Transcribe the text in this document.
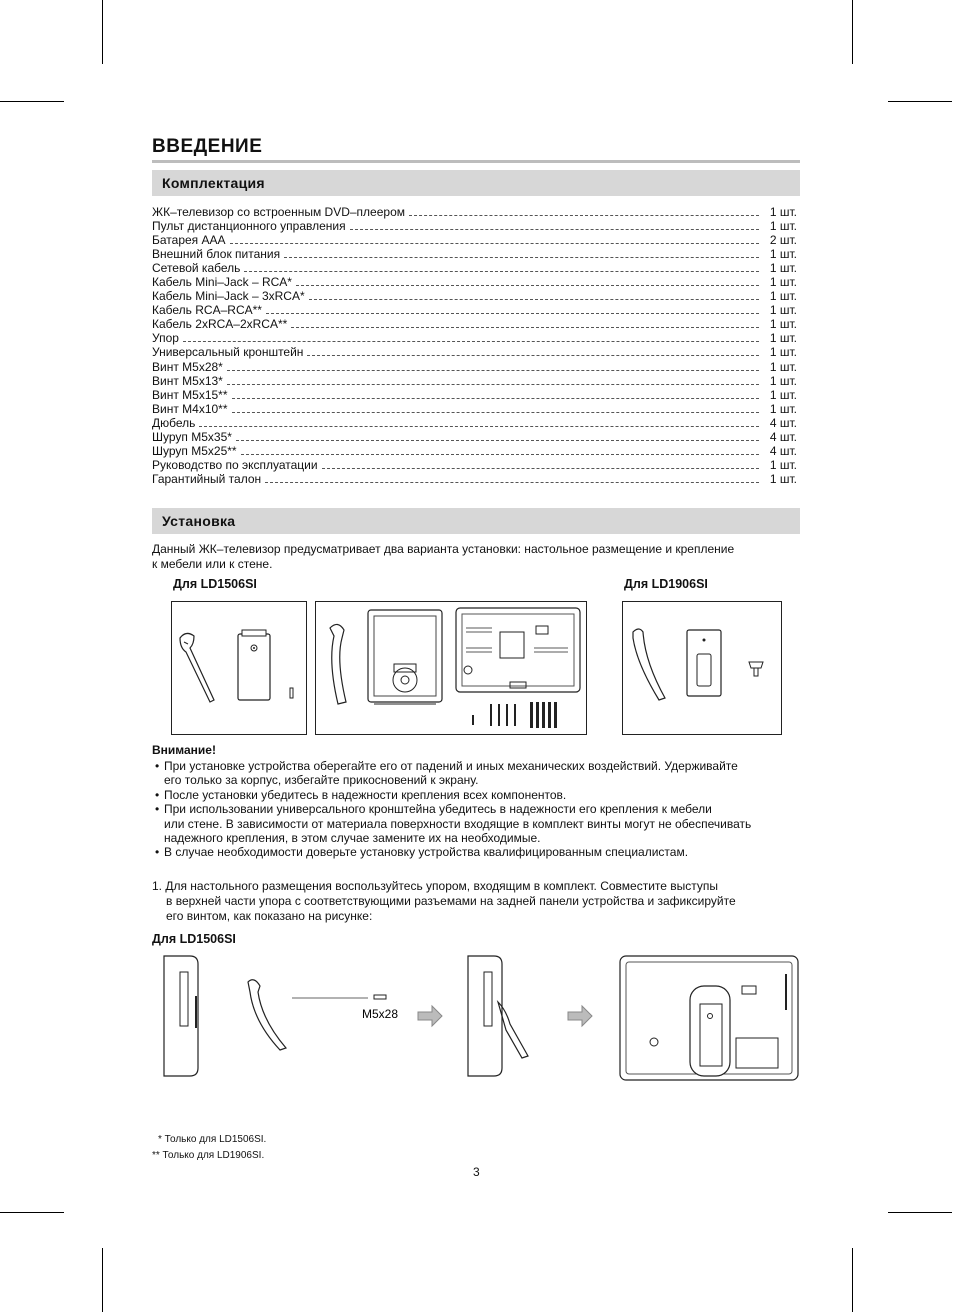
ВВЕДЕНИЕ
Комплектация
ЖК–телевизор со встроенным DVD–плеером	1 шт.
Пульт дистанционного управления	1 шт.
Батарея ААА	2 шт.
Внешний блок питания	1 шт.
Сетевой кабель	1 шт.
Кабель Mini–Jack – RCA*	1 шт.
Кабель Mini–Jack – 3xRCA*	1 шт.
Кабель RCA–RCA**	1 шт.
Кабель 2xRCA–2xRCA**	1 шт.
Упор	1 шт.
Универсальный кронштейн	1 шт.
Винт M5x28*	1 шт.
Винт M5x13*	1 шт.
Винт M5x15**	1 шт.
Винт M4x10**	1 шт.
Дюбель	4 шт.
Шуруп M5x35*	4 шт.
Шуруп M5x25**	4 шт.
Руководство по эксплуатации	1 шт.
Гарантийный талон	1 шт.
Установка
Данный ЖК–телевизор предусматривает два варианта установки: настольное размещение и крепление
к мебели или к стене.
Для LD1506SI	Для LD1906SI
Внимание!
• При установке устройства оберегайте его от падений и иных механических воздействий. Удерживайте
его только за корпус, избегайте прикосновений к экрану.
• После установки убедитесь в надежности крепления всех компонентов.
• При использовании универсального кронштейна убедитесь в надежности его крепления к мебели
или стене. В зависимости от материала поверхности входящие в комплект винты могут не обеспечивать
надежного крепления, в этом случае замените их на необходимые.
• В случае необходимости доверьте установку устройства квалифицированным специалистам.
1. Для настольного размещения воспользуйтесь упором, входящим в комплект. Совместите выступы
в верхней части упора с соответствующими разъемами на задней панели устройства и зафиксируйте
его винтом, как показано на рисунке:
Для LD1506SI
M5x28
* Только для LD1506SI.
** Только для LD1906SI.
3
